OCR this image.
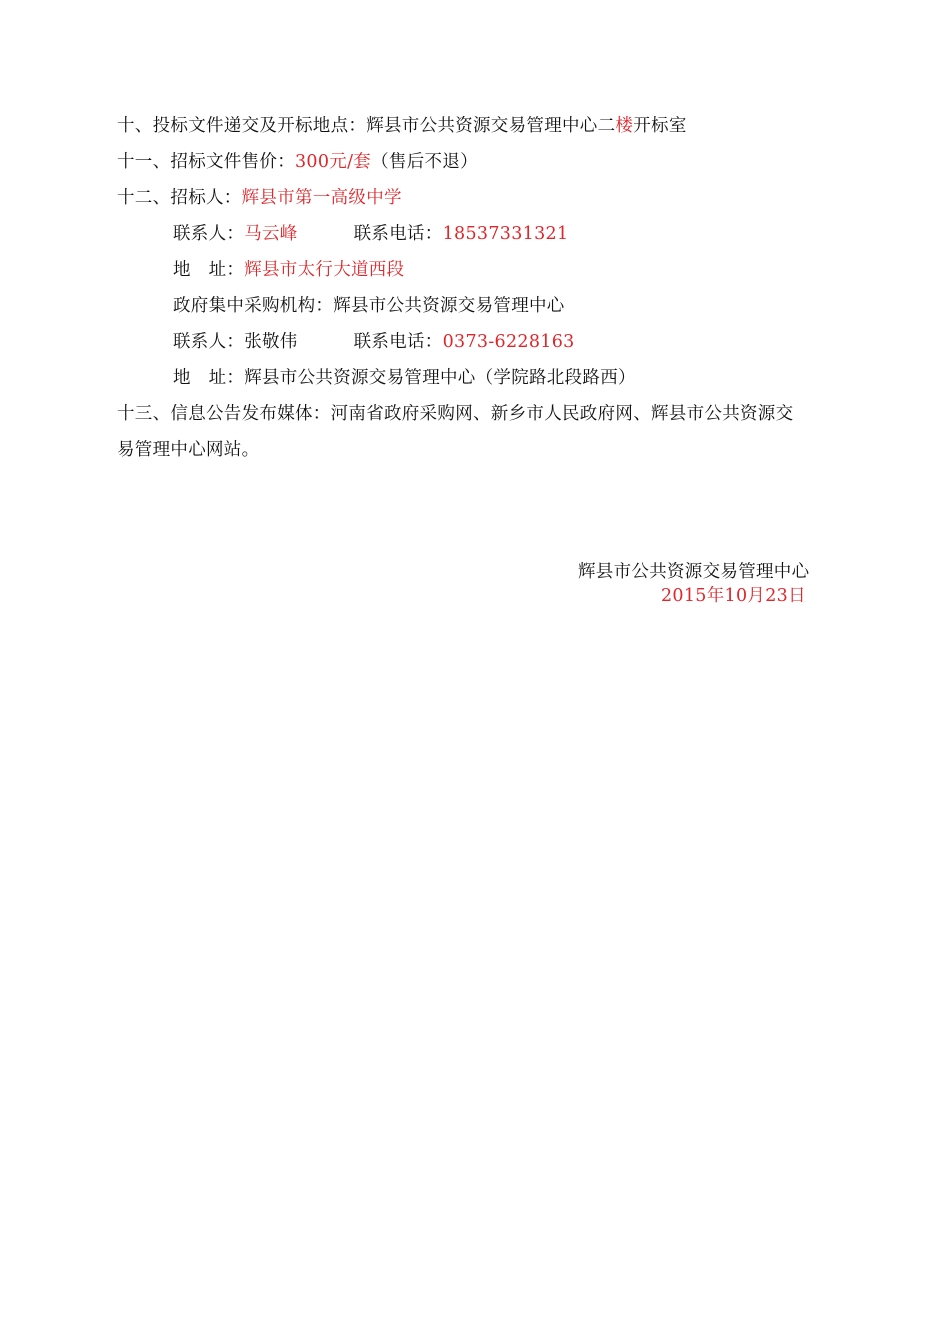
十、投标文件递交及开标地点：辉县市公共资源交易管理中心二楼开标室
十一、招标文件售价：300元/套（售后不退）
十二、招标人：辉县市第一高级中学
联系人：马云峰	联系电话：18537331321
地　址：辉县市太行大道西段
政府集中采购机构：辉县市公共资源交易管理中心
联系人：张敬伟	联系电话：0373-6228163
地　址：辉县市公共资源交易管理中心（学院路北段路西）
十三、信息公告发布媒体：河南省政府采购网、新乡市人民政府网、辉县市公共资源交
易管理中心网站。
辉县市公共资源交易管理中心
2015年10月23日
